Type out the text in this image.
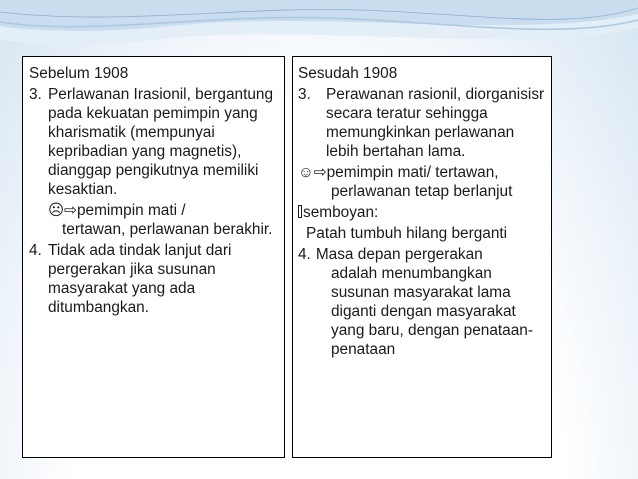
Sebelum 1908
3. Perlawanan Irasionil, bergantung pada kekuatan pemimpin yang kharismatik (mempunyai kepribadian yang magnetis), dianggap pengikutnya memiliki kesaktian.
☹⇨ pemimpin mati /
tertawan, perlawanan berakhir.
4. Tidak ada tindak lanjut dari pergerakan jika susunan masyarakat yang ada ditumbangkan.
Sesudah 1908
3. Perawanan rasionil, diorganisisr secara teratur sehingga memungkinkan perlawanan lebih bertahan lama.
☺⇨ pemimpin mati/ tertawan,
perlawanan tetap berlanjut
semboyan:
Patah tumbuh hilang berganti
4. Masa depan pergerakan
adalah menumbangkan susunan masyarakat lama diganti dengan masyarakat yang baru, dengan penataan-penataan
